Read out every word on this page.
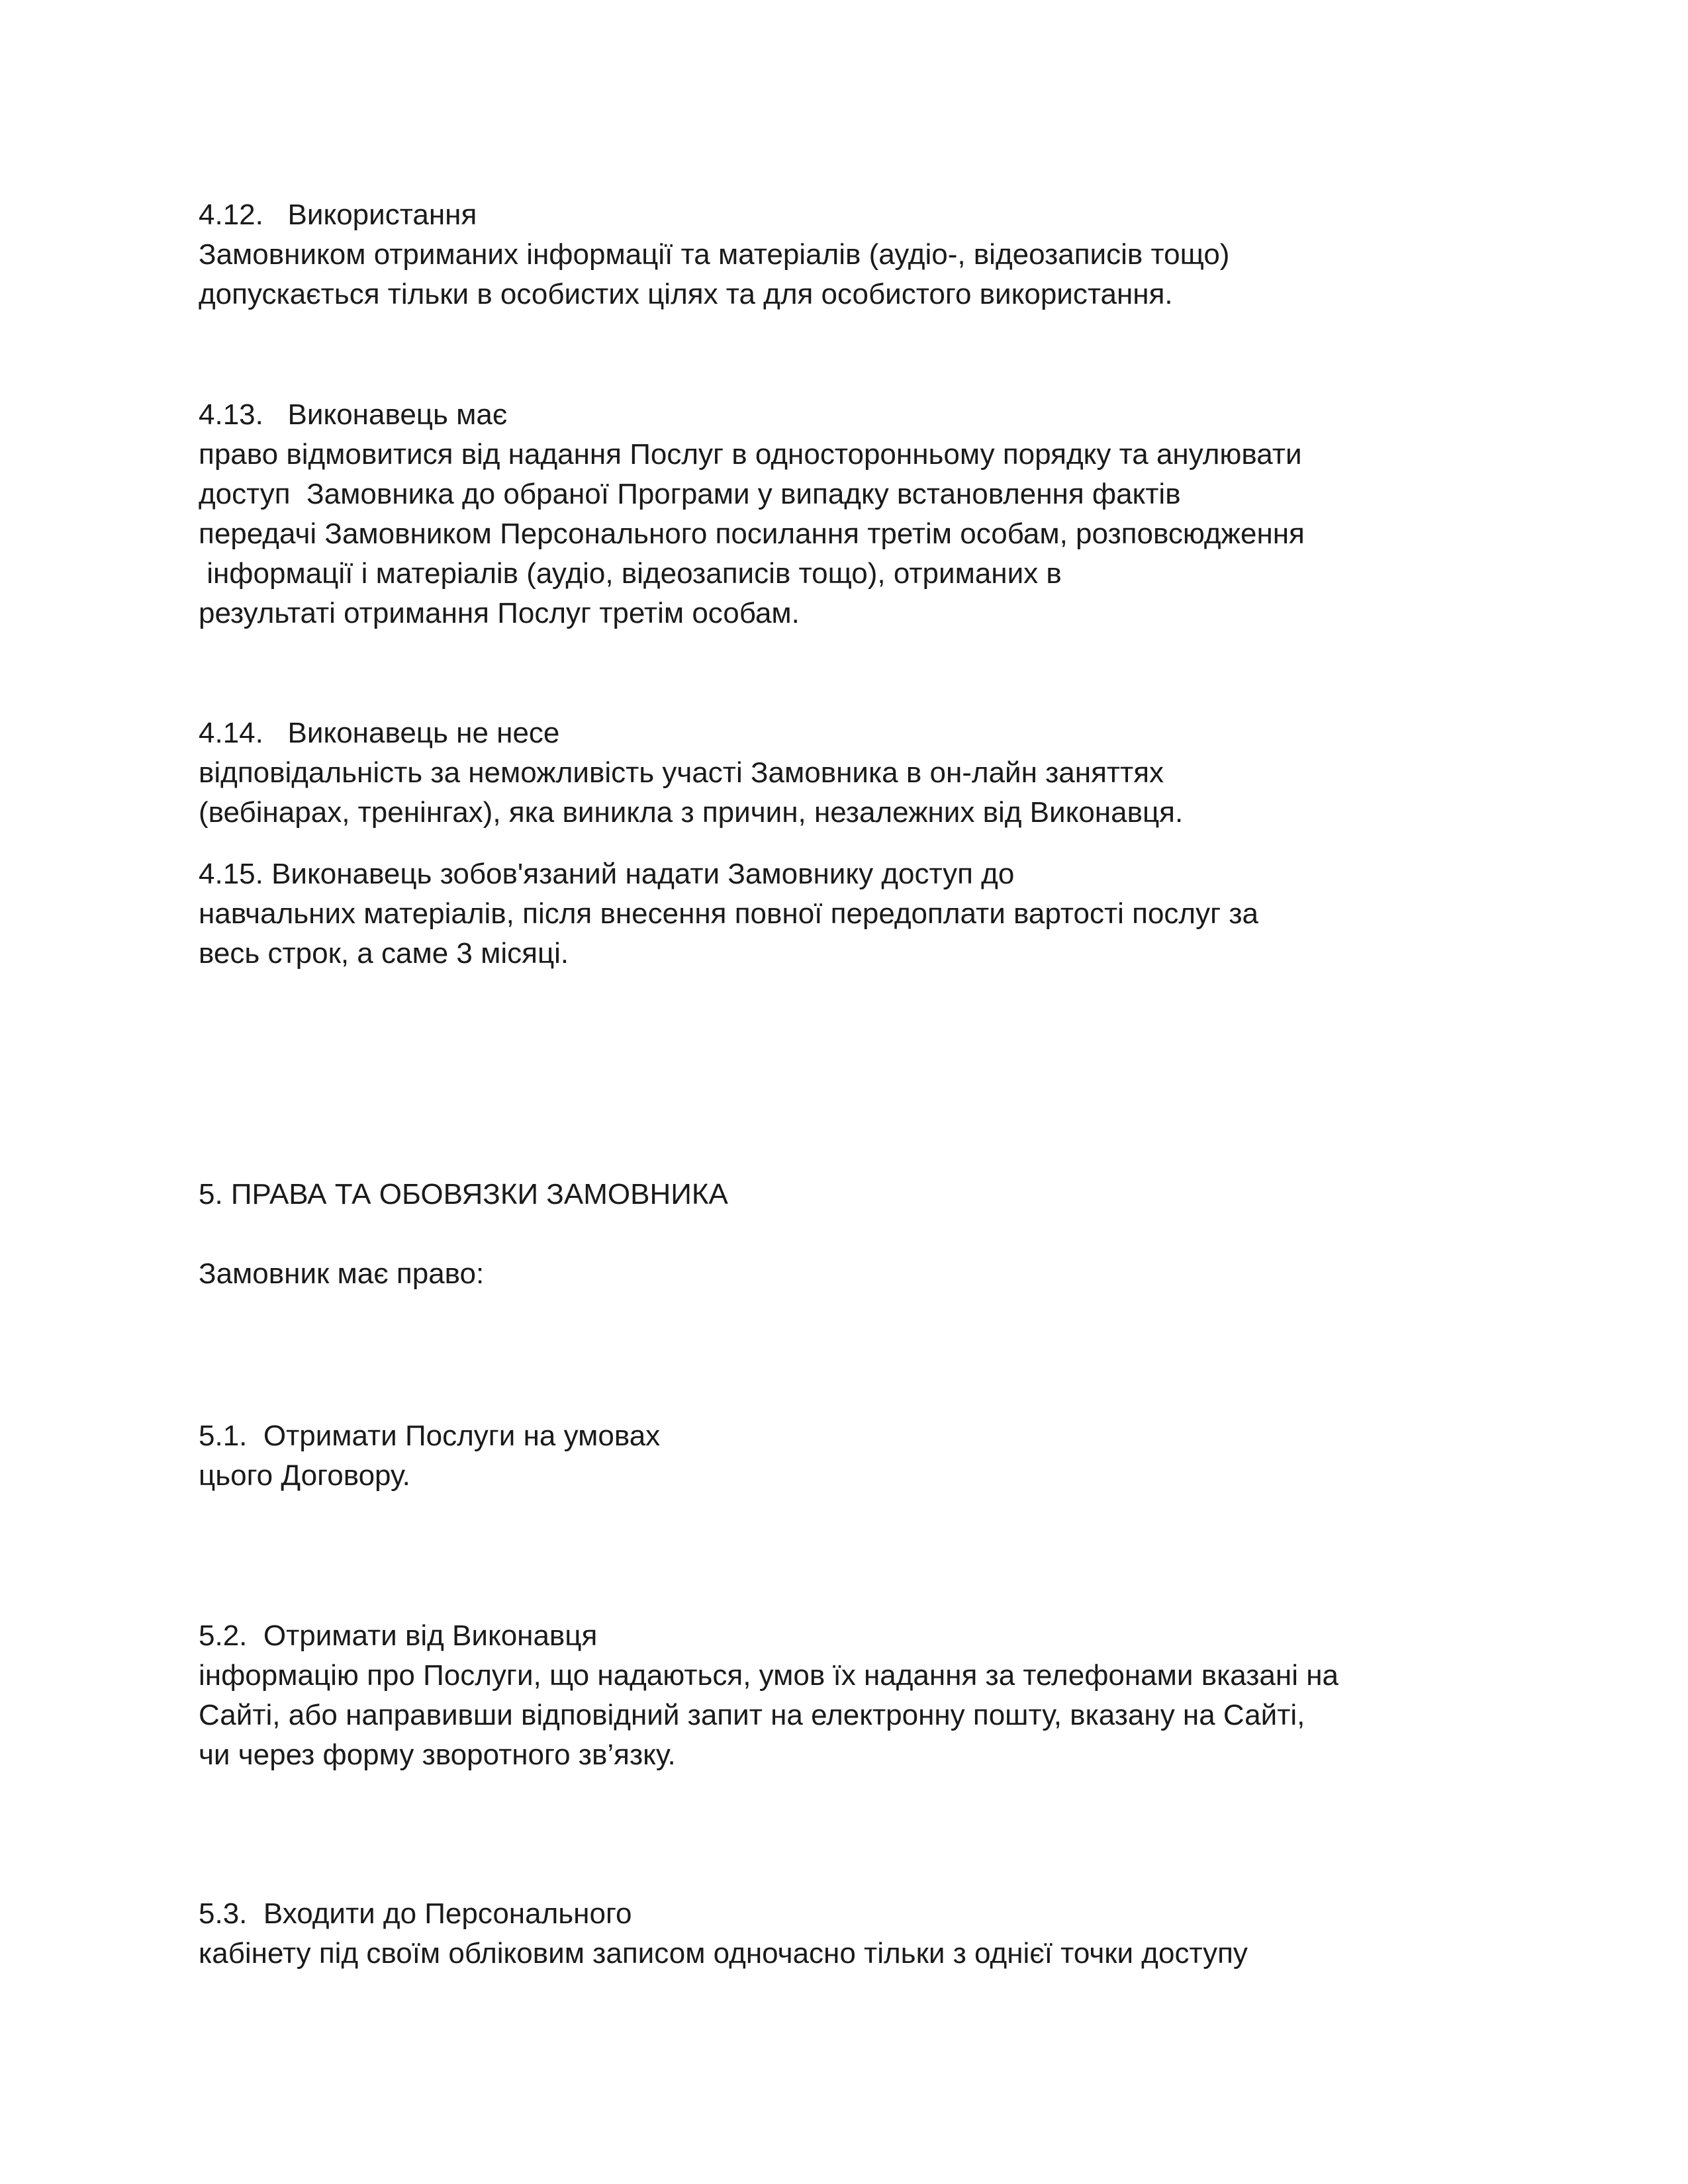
4.12.   Використання

Замовником отриманих інформації та матеріалів (аудіо-, відеозаписів тощо)

допускається тільки в особистих цілях та для особистого використання.

4.13.   Виконавець має

право відмовитися від надання Послуг в односторонньому порядку та анулювати

доступ  Замовника до обраної Програми у випадку встановлення фактів

передачі Замовником Персонального посилання третім особам, розповсюдження

інформації і матеріалів (аудіо, відеозаписів тощо), отриманих в

результаті отримання Послуг третім особам.

4.14.   Виконавець не несе

відповідальність за неможливість участі Замовника в он-лайн заняттях

(вебінарах, тренінгах), яка виникла з причин, незалежних від Виконавця.

4.15. Виконавець зобов'язаний надати Замовнику доступ до

навчальних матеріалів, після внесення повної передоплати вартості послуг за

весь строк, а саме 3 місяці.

5. ПРАВА ТА ОБОВЯЗКИ ЗАМОВНИКА

Замовник має право:

5.1.  Отримати Послуги на умовах

цього Договору.

5.2.  Отримати від Виконавця

інформацію про Послуги, що надаються, умов їх надання за телефонами вказані на

Сайті, або направивши відповідний запит на електронну пошту, вказану на Сайті,

чи через форму зворотного зв’язку.

5.3.  Входити до Персонального

кабінету під своїм обліковим записом одночасно тільки з однієї точки доступу
